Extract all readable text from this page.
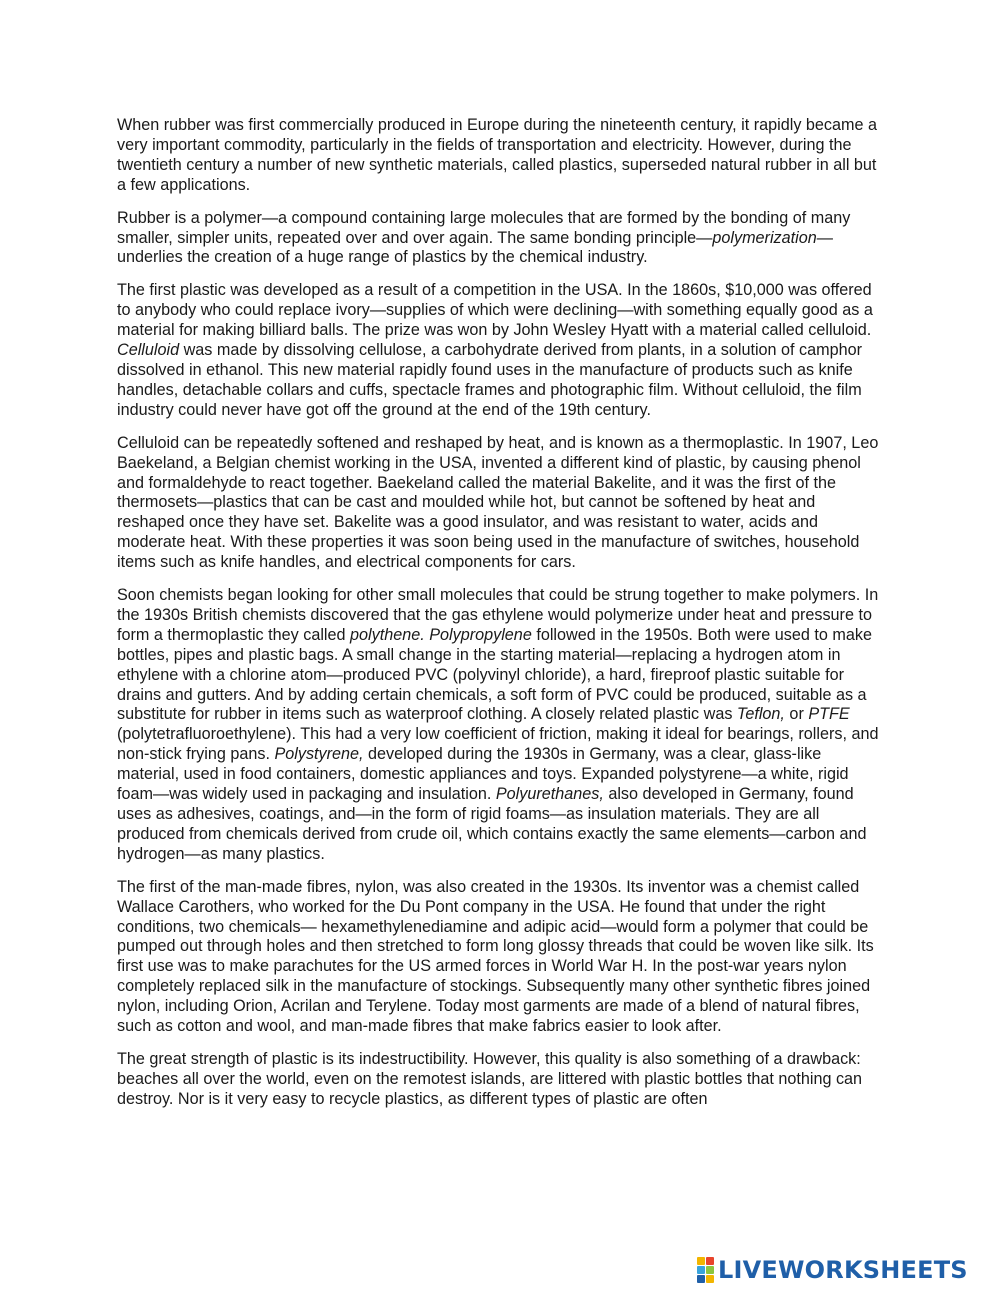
When rubber was first commercially produced in Europe during the nineteenth century, it rapidly became a very important commodity, particularly in the fields of transportation and electricity. However, during the twentieth century a number of new synthetic materials, called plastics, superseded natural rubber in all but a few applications.

Rubber is a polymer—a compound containing large molecules that are formed by the bonding of many smaller, simpler units, repeated over and over again. The same bonding principle—polymerization—underlies the creation of a huge range of plastics by the chemical industry.

The first plastic was developed as a result of a competition in the USA. In the 1860s, $10,000 was offered to anybody who could replace ivory—supplies of which were declining—with something equally good as a material for making billiard balls. The prize was won by John Wesley Hyatt with a material called celluloid. Celluloid was made by dissolving cellulose, a carbohydrate derived from plants, in a solution of camphor dissolved in ethanol. This new material rapidly found uses in the manufacture of products such as knife handles, detachable collars and cuffs, spectacle frames and photographic film. Without celluloid, the film industry could never have got off the ground at the end of the 19th century.

Celluloid can be repeatedly softened and reshaped by heat, and is known as a thermoplastic. In 1907, Leo Baekeland, a Belgian chemist working in the USA, invented a different kind of plastic, by causing phenol and formaldehyde to react together. Baekeland called the material Bakelite, and it was the first of the thermosets—plastics that can be cast and moulded while hot, but cannot be softened by heat and reshaped once they have set. Bakelite was a good insulator, and was resistant to water, acids and moderate heat. With these properties it was soon being used in the manufacture of switches, household items such as knife handles, and electrical components for cars.

Soon chemists began looking for other small molecules that could be strung together to make polymers. In the 1930s British chemists discovered that the gas ethylene would polymerize under heat and pressure to form a thermoplastic they called polythene. Polypropylene followed in the 1950s. Both were used to make bottles, pipes and plastic bags. A small change in the starting material—replacing a hydrogen atom in ethylene with a chlorine atom—produced PVC (polyvinyl chloride), a hard, fireproof plastic suitable for drains and gutters. And by adding certain chemicals, a soft form of PVC could be produced, suitable as a substitute for rubber in items such as waterproof clothing. A closely related plastic was Teflon, or PTFE (polytetrafluoroethylene). This had a very low coefficient of friction, making it ideal for bearings, rollers, and non-stick frying pans. Polystyrene, developed during the 1930s in Germany, was a clear, glass-like material, used in food containers, domestic appliances and toys. Expanded polystyrene—a white, rigid foam—was widely used in packaging and insulation. Polyurethanes, also developed in Germany, found uses as adhesives, coatings, and—in the form of rigid foams—as insulation materials. They are all produced from chemicals derived from crude oil, which contains exactly the same elements—carbon and hydrogen—as many plastics.

The first of the man-made fibres, nylon, was also created in the 1930s. Its inventor was a chemist called Wallace Carothers, who worked for the Du Pont company in the USA. He found that under the right conditions, two chemicals— hexamethylenediamine and adipic acid—would form a polymer that could be pumped out through holes and then stretched to form long glossy threads that could be woven like silk. Its first use was to make parachutes for the US armed forces in World War H. In the post-war years nylon completely replaced silk in the manufacture of stockings. Subsequently many other synthetic fibres joined nylon, including Orion, Acrilan and Terylene. Today most garments are made of a blend of natural fibres, such as cotton and wool, and man-made fibres that make fabrics easier to look after.

The great strength of plastic is its indestructibility. However, this quality is also something of a drawback: beaches all over the world, even on the remotest islands, are littered with plastic bottles that nothing can destroy. Nor is it very easy to recycle plastics, as different types of plastic are often

LIVEWORKSHEETS
